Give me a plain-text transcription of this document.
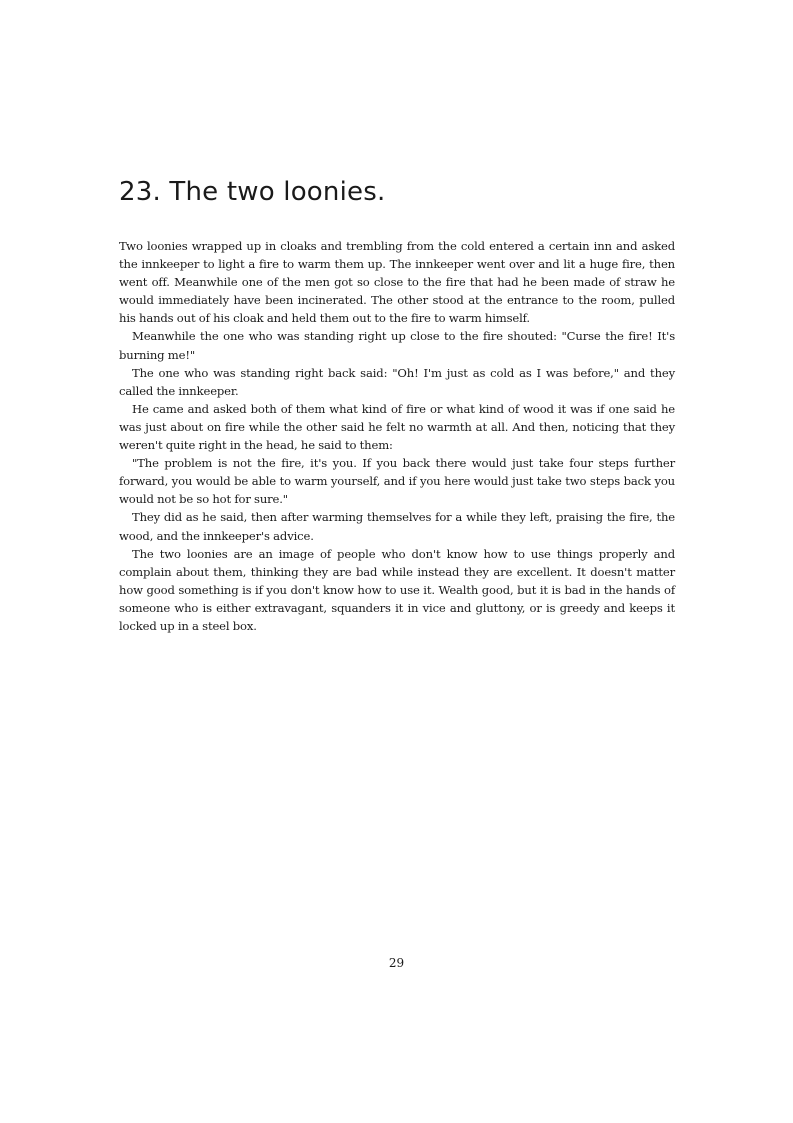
23. The two loonies.

Two loonies wrapped up in cloaks and trembling from the cold entered a certain inn and asked the innkeeper to light a fire to warm them up. The innkeeper went over and lit a huge fire, then went off. Meanwhile one of the men got so close to the fire that had he been made of straw he would immediately have been incinerated. The other stood at the entrance to the room, pulled his hands out of his cloak and held them out to the fire to warm himself.

Meanwhile the one who was standing right up close to the fire shouted: "Curse the fire! It's burning me!"

The one who was standing right back said: "Oh! I'm just as cold as I was before," and they called the innkeeper.

He came and asked both of them what kind of fire or what kind of wood it was if one said he was just about on fire while the other said he felt no warmth at all. And then, noticing that they weren't quite right in the head, he said to them:

"The problem is not the fire, it's you. If you back there would just take four steps further forward, you would be able to warm yourself, and if you here would just take two steps back you would not be so hot for sure."

They did as he said, then after warming themselves for a while they left, praising the fire, the wood, and the innkeeper's advice.

The two loonies are an image of people who don't know how to use things properly and complain about them, thinking they are bad while instead they are excellent. It doesn't matter how good something is if you don't know how to use it. Wealth good, but it is bad in the hands of someone who is either extravagant, squanders it in vice and gluttony, or is greedy and keeps it locked up in a steel box.

29
